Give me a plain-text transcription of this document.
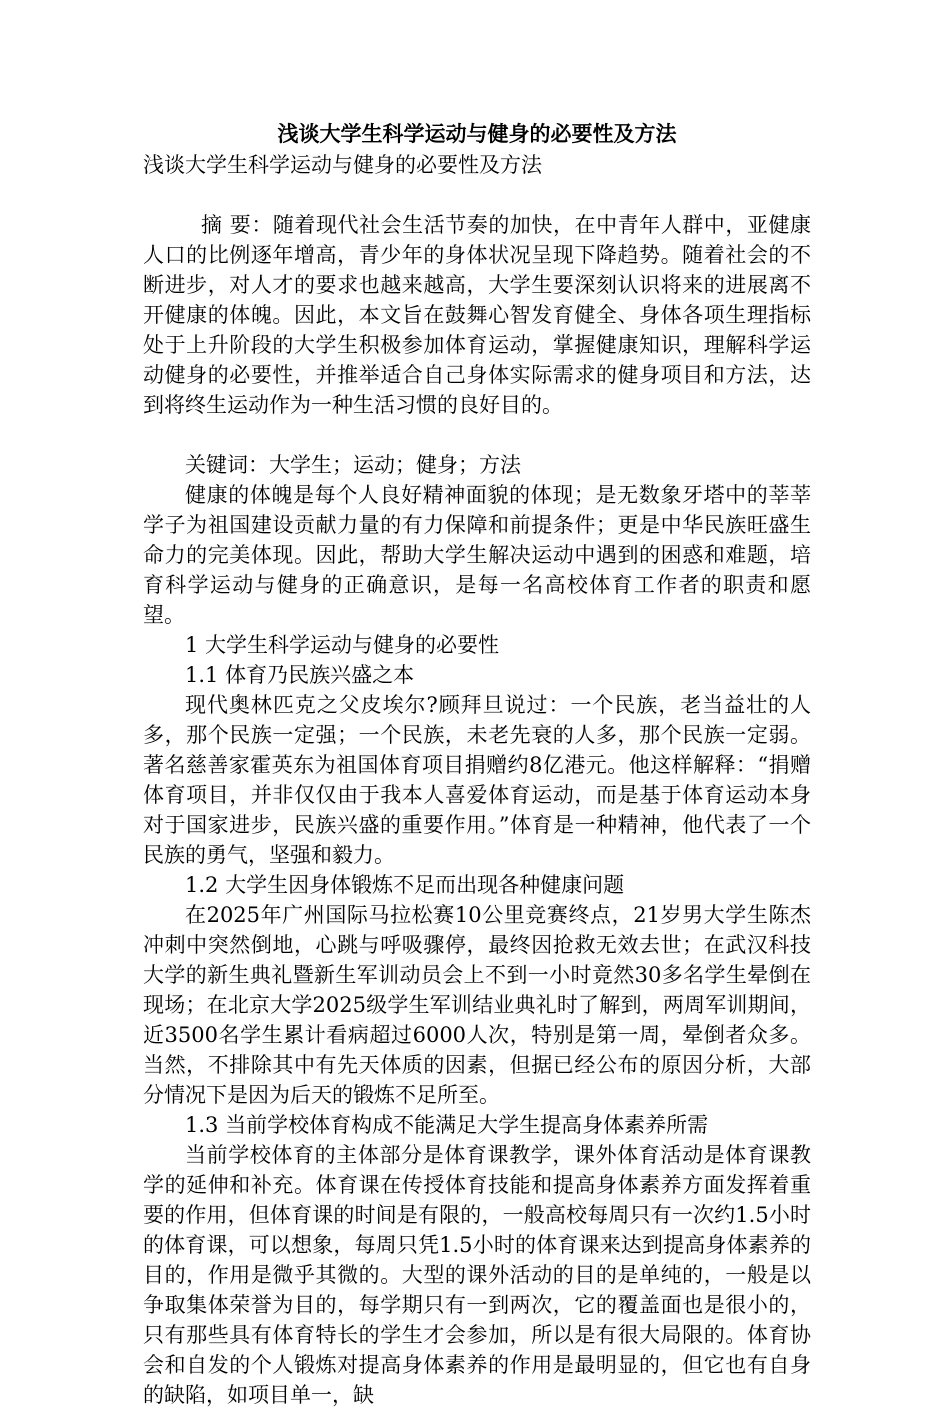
浅谈大学生科学运动与健身的必要性及方法

浅谈大学生科学运动与健身的必要性及方法

摘 要：随着现代社会生活节奏的加快，在中青年人群中，亚健康人口的比例逐年增高，青少年的身体状况呈现下降趋势。随着社会的不断进步，对人才的要求也越来越高，大学生要深刻认识将来的进展离不开健康的体魄。因此，本文旨在鼓舞心智发育健全、身体各项生理指标处于上升阶段的大学生积极参加体育运动，掌握健康知识，理解科学运动健身的必要性，并推举适合自己身体实际需求的健身项目和方法，达到将终生运动作为一种生活习惯的良好目的。

关键词：大学生；运动；健身；方法

健康的体魄是每个人良好精神面貌的体现；是无数象牙塔中的莘莘学子为祖国建设贡献力量的有力保障和前提条件；更是中华民族旺盛生命力的完美体现。因此，帮助大学生解决运动中遇到的困惑和难题，培育科学运动与健身的正确意识，是每一名高校体育工作者的职责和愿望。

1 大学生科学运动与健身的必要性

1.1 体育乃民族兴盛之本

现代奥林匹克之父皮埃尔?顾拜旦说过：一个民族，老当益壮的人多，那个民族一定强；一个民族，未老先衰的人多，那个民族一定弱。著名慈善家霍英东为祖国体育项目捐赠约8亿港元。他这样解释：“捐赠体育项目，并非仅仅由于我本人喜爱体育运动，而是基于体育运动本身对于国家进步，民族兴盛的重要作用。”体育是一种精神，他代表了一个民族的勇气，坚强和毅力。

1.2 大学生因身体锻炼不足而出现各种健康问题

在2025年广州国际马拉松赛10公里竞赛终点，21岁男大学生陈杰冲刺中突然倒地，心跳与呼吸骤停，最终因抢救无效去世；在武汉科技大学的新生典礼暨新生军训动员会上不到一小时竟然30多名学生晕倒在现场；在北京大学2025级学生军训结业典礼时了解到，两周军训期间，近3500名学生累计看病超过6000人次，特别是第一周，晕倒者众多。当然，不排除其中有先天体质的因素，但据已经公布的原因分析，大部分情况下是因为后天的锻炼不足所至。

1.3 当前学校体育构成不能满足大学生提高身体素养所需

当前学校体育的主体部分是体育课教学，课外体育活动是体育课教学的延伸和补充。体育课在传授体育技能和提高身体素养方面发挥着重要的作用，但体育课的时间是有限的，一般高校每周只有一次约1.5小时的体育课，可以想象，每周只凭1.5小时的体育课来达到提高身体素养的目的，作用是微乎其微的。大型的课外活动的目的是单纯的，一般是以争取集体荣誉为目的，每学期只有一到两次，它的覆盖面也是很小的，只有那些具有体育特长的学生才会参加，所以是有很大局限的。体育协会和自发的个人锻炼对提高身体素养的作用是最明显的，但它也有自身的缺陷，如项目单一，缺
